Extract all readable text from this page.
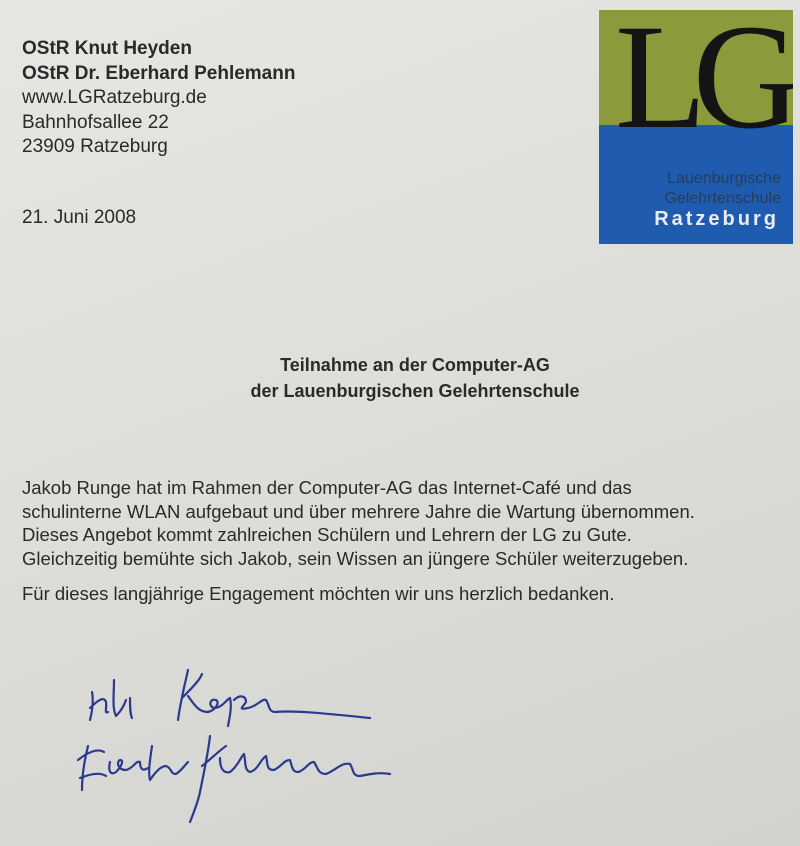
OStR Knut Heyden
OStR Dr. Eberhard Pehlemann
www.LGRatzeburg.de
Bahnhofsallee 22
23909 Ratzeburg
21. Juni 2008
LG
Lauenburgische
Gelehrtenschule
Ratzeburg
Teilnahme an der Computer-AG
der Lauenburgischen Gelehrtenschule

Jakob Runge hat im Rahmen der Computer-AG das Internet-Café und das
schulinterne WLAN aufgebaut und über mehrere Jahre die Wartung übernommen.
Dieses Angebot kommt zahlreichen Schülern und Lehrern der LG zu Gute.
Gleichzeitig bemühte sich Jakob, sein Wissen an jüngere Schüler weiterzugeben.

Für dieses langjährige Engagement möchten wir uns herzlich bedanken.
